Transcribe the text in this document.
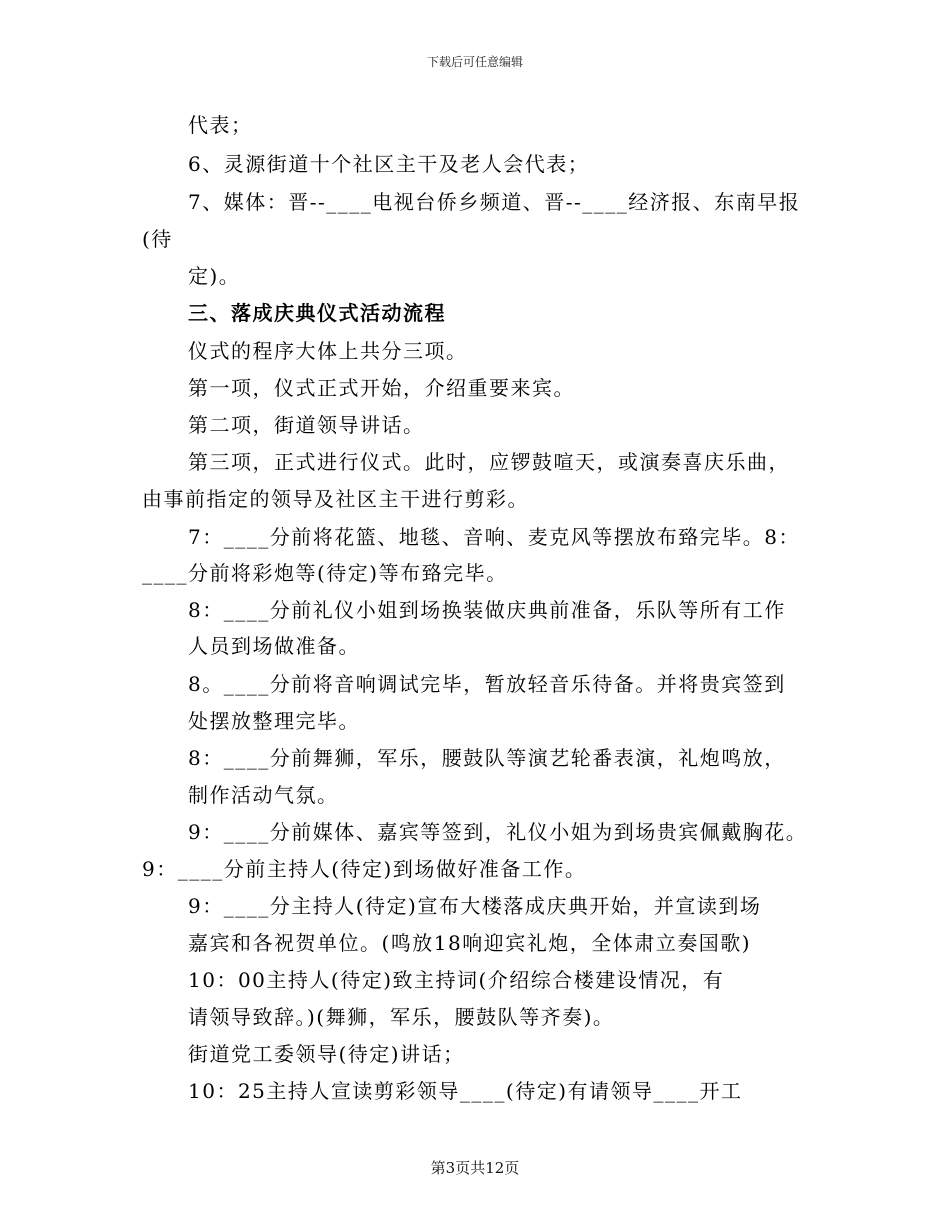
下载后可任意编辑
代表；
6、灵源街道十个社区主干及老人会代表；
7、媒体：晋--____电视台侨乡频道、晋--____经济报、东南早报
(待
定)。
三、落成庆典仪式活动流程
仪式的程序大体上共分三项。
第一项，仪式正式开始，介绍重要来宾。
第二项，街道领导讲话。
第三项，正式进行仪式。此时，应锣鼓喧天，或演奏喜庆乐曲，
由事前指定的领导及社区主干进行剪彩。
7：____分前将花篮、地毯、音响、麦克风等摆放布臵完毕。8：
____分前将彩炮等(待定)等布臵完毕。
8：____分前礼仪小姐到场换装做庆典前准备，乐队等所有工作
人员到场做准备。
8。____分前将音响调试完毕，暂放轻音乐待备。并将贵宾签到
处摆放整理完毕。
8：____分前舞狮，军乐，腰鼓队等演艺轮番表演，礼炮鸣放，
制作活动气氛。
9：____分前媒体、嘉宾等签到，礼仪小姐为到场贵宾佩戴胸花。
9：____分前主持人(待定)到场做好准备工作。
9：____分主持人(待定)宣布大楼落成庆典开始，并宣读到场
嘉宾和各祝贺单位。(鸣放18响迎宾礼炮，全体肃立奏国歌)
10：00主持人(待定)致主持词(介绍综合楼建设情况，有
请领导致辞。)(舞狮，军乐，腰鼓队等齐奏)。
街道党工委领导(待定)讲话；
10：25主持人宣读剪彩领导____(待定)有请领导____开工
第3页共12页
